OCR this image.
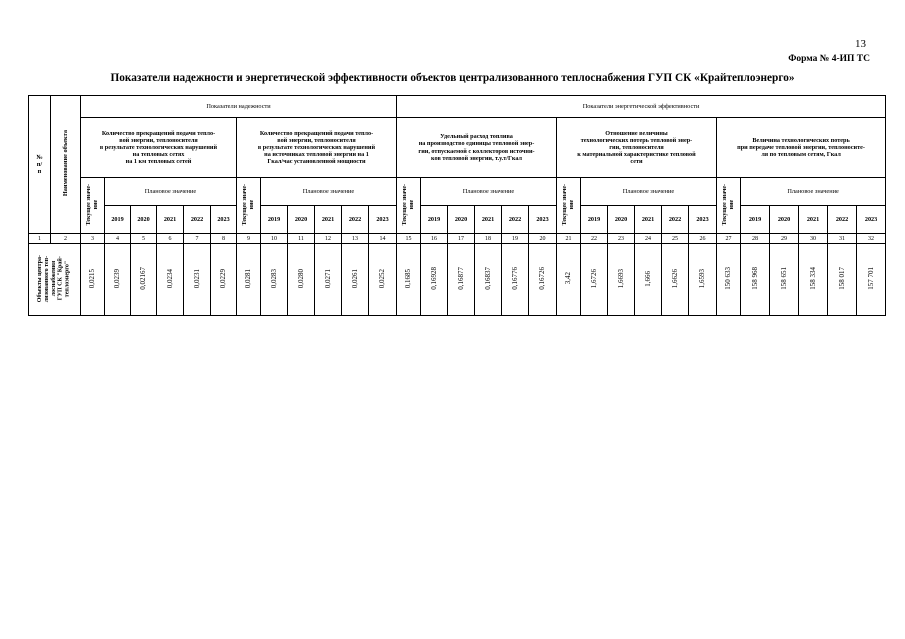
13
Форма № 4-ИП ТС
Показатели надежности и энергетической эффективности объектов централизованного теплоснабжения ГУП СК «Крайтеплоэнерго»
№
п/
п	Наименование объекта	Показатели надежности												Показатели энергетической эффективности																	
		Количество прекращений подачи тепло-
вой энергии, теплоносителя
в результате технологических нарушений
на тепловых сетях
на 1 км тепловых сетей						Количество прекращений подачи тепло-
вой энергии, теплоносителя
в результате технологических нарушений
на источниках тепловой энергии на 1
Гкал/час установленной мощности						Удельный расход топлива
на производство единицы тепловой энер-
гии, отпускаемой с коллекторов источни-
ков тепловой энергии, т.у.т/Гкал						Отношение величины
технологических потерь тепловой энер-
гии, теплоносителя
к материальной характеристике тепловой
сети						Величина технологических потерь
при передаче тепловой энергии, теплоносите-
ля по тепловым сетям, Гкал					
		Текущее значе-
ние	Плановое значение					Текущее значе-
ние	Плановое значение					Текущее значе-
ние	Плановое значение					Текущее значе-
ние	Плановое значение					Текущее значе-
ние	Плановое значение				
			2019	2020	2021	2022	2023		2019	2020	2021	2022	2023		2019	2020	2021	2022	2023		2019	2020	2021	2022	2023		2019	2020	2021	2022	2023
1	2	3	4	5	6	7	8	9	10	11	12	13	14	15	16	17	18	19	20	21	22	23	24	25	26	27	28	29	30	31	32
Объекты центра-
лизованного теп-
лоснабжения
ГУП СК "Край-
теплоэнерго"		0,0215	0,0239	0,02167	0,0234	0,0231	0,0229	0,0281	0,0283	0,0280	0,0271	0,0261	0,0252	0,1685	0,16928	0,16877	0,16837	0,16776	0,16726	3,42	1,6726	1,6693	1,666	1,6626	1,6593	150 633	158 968	158 651	158 334	158 017	157 701
